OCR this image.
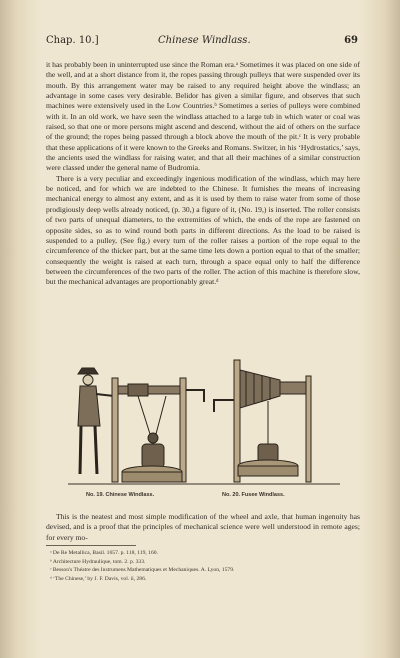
Chap. 10.]	Chinese Windlass.	69

it has probably been in uninterrupted use since the Roman era.ᵃ Sometimes it was placed on one side of the well, and at a short distance from it, the ropes passing through pulleys that were suspended over its mouth. By this arrangement water may be raised to any required height above the windlass; an advantage in some cases very desirable. Belidor has given a similar figure, and observes that such machines were extensively used in the Low Countries.ᵇ Sometimes a series of pulleys were combined with it. In an old work, we have seen the windlass attached to a large tub in which water or coal was raised, so that one or more persons might ascend and descend, without the aid of others on the surface of the ground; the ropes being passed through a block above the mouth of the pit.ᶜ It is very probable that these applications of it were known to the Greeks and Romans. Switzer, in his ‘Hydrostatics,’ says, the ancients used the windlass for raising water, and that all their machines of a similar construction were classed under the general name of Budromia.

There is a very peculiar and exceedingly ingenious modification of the windlass, which may here be noticed, and for which we are indebted to the Chinese. It furnishes the means of increasing mechanical energy to almost any extent, and as it is used by them to raise water from some of those prodigiously deep wells already noticed, (p. 30,) a figure of it, (No. 19,) is inserted. The roller consists of two parts of unequal diameters, to the extremities of which, the ends of the rope are fastened on opposite sides, so as to wind round both parts in different directions. As the load to be raised is suspended to a pulley, (See fig.) every turn of the roller raises a portion of the rope equal to the circumference of the thicker part, but at the same time lets down a portion equal to that of the smaller; consequently the weight is raised at each turn, through a space equal only to half the difference between the circumferences of the two parts of the roller. The action of this machine is therefore slow, but the mechanical advantages are proportionably great.ᵈ

No. 19. Chinese Windlass.	No. 20. Fusee Windlass.

This is the neatest and most simple modification of the wheel and axle, that human ingenuity has devised, and is a proof that the principles of mechanical science were well understood in remote ages; for every mo-

ᵃ De Re Metallica, Basil. 1657. p. 118, 119, 160.
ᵇ Architecture Hydraulique, tom. 2. p. 333.
ᶜ Besson's Théatre des Instrumens Mathematiques et Mechaniques. A. Lyon, 1579.
ᵈ ‘The Chinese,’ by J. F. Davis, vol. ii, 286.
